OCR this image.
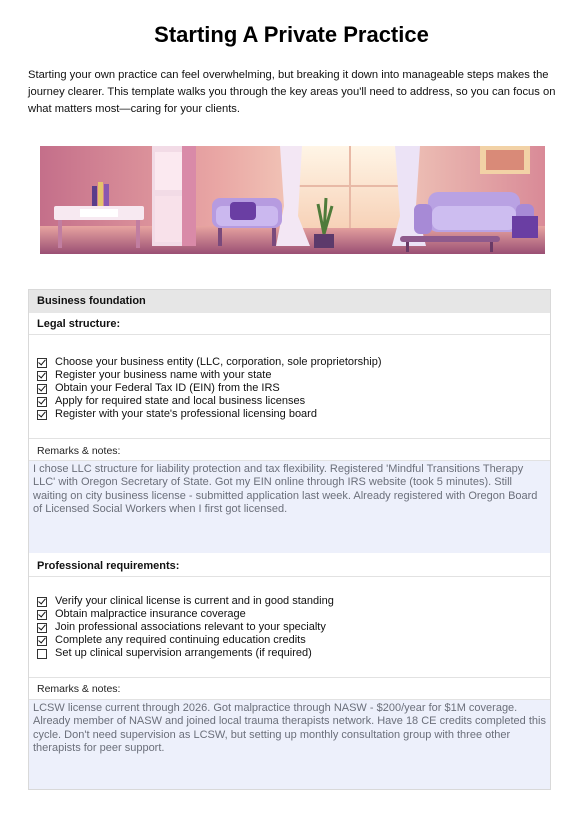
Starting A Private Practice
Starting your own practice can feel overwhelming, but breaking it down into manageable steps makes the journey clearer. This template walks you through the key areas you'll need to address, so you can focus on what matters most—caring for your clients.
Business foundation
Legal structure:
Choose your business entity (LLC, corporation, sole proprietorship)
Register your business name with your state
Obtain your Federal Tax ID (EIN) from the IRS
Apply for required state and local business licenses
Register with your state's professional licensing board
Remarks & notes:
I chose LLC structure for liability protection and tax flexibility. Registered 'Mindful Transitions Therapy LLC' with Oregon Secretary of State. Got my EIN online through IRS website (took 5 minutes). Still waiting on city business license - submitted application last week. Already registered with Oregon Board of Licensed Social Workers when I first got licensed.
Professional requirements:
Verify your clinical license is current and in good standing
Obtain malpractice insurance coverage
Join professional associations relevant to your specialty
Complete any required continuing education credits
Set up clinical supervision arrangements (if required)
Remarks & notes:
LCSW license current through 2026. Got malpractice through NASW - $200/year for $1M coverage. Already member of NASW and joined local trauma therapists network. Have 18 CE credits completed this cycle. Don't need supervision as LCSW, but setting up monthly consultation group with three other therapists for peer support.
